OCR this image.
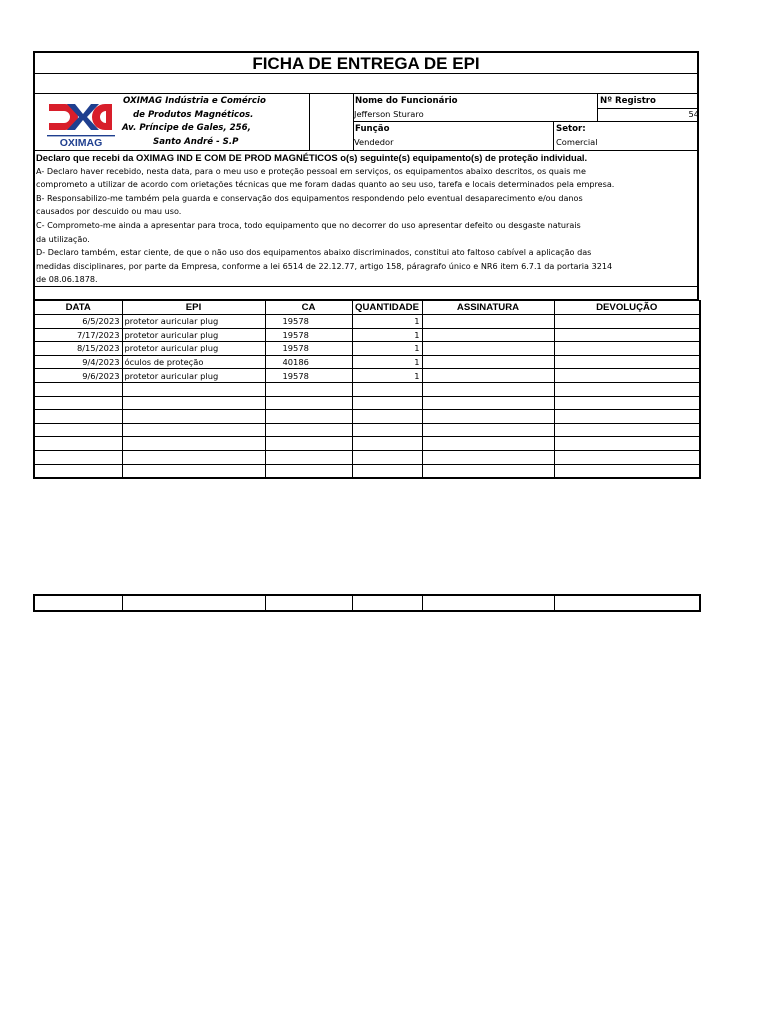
FICHA DE ENTREGA DE EPI
OXIMAG
OXIMAG Indústria e Comércio
de Produtos Magnéticos.
Av. Príncipe de Gales, 256,
Santo André - S.P
Nome do Funcionário
Jefferson Sturaro
Nº Registro
54
Função
Vendedor
Setor:
Comercial
Declaro que recebi da OXIMAG IND E COM DE PROD MAGNÉTICOS o(s) seguinte(s) equipamento(s) de proteção individual.
A- Declaro haver recebido, nesta data, para o meu uso e proteção pessoal em serviços, os equipamentos abaixo descritos, os quais me
comprometo a utilizar de acordo com orietações técnicas que me foram dadas quanto ao seu uso, tarefa e locais determinados pela empresa.
B- Responsabilizo-me também pela guarda e conservação dos equipamentos respondendo pelo eventual desaparecimento e/ou danos
causados por descuido ou mau uso.
C- Comprometo-me ainda a apresentar para troca, todo equipamento que no decorrer do uso apresentar defeito ou desgaste naturais
da utilização.
D- Declaro também, estar ciente, de que o não uso dos equipamentos abaixo discriminados, constitui ato faltoso cabível a aplicação das
medidas disciplinares, por parte da Empresa, conforme a lei 6514 de 22.12.77, artigo 158, páragrafo único e NR6 item 6.7.1 da portaria 3214
de 08.06.1878.
DATA	EPI	CA	QUANTIDADE	ASSINATURA	DEVOLUÇÃO
6/5/2023	protetor auricular plug	19578	1		
7/17/2023	protetor auricular plug	19578	1		
8/15/2023	protetor auricular plug	19578	1		
9/4/2023	óculos de proteção	40186	1		
9/6/2023	protetor auricular plug	19578	1		
